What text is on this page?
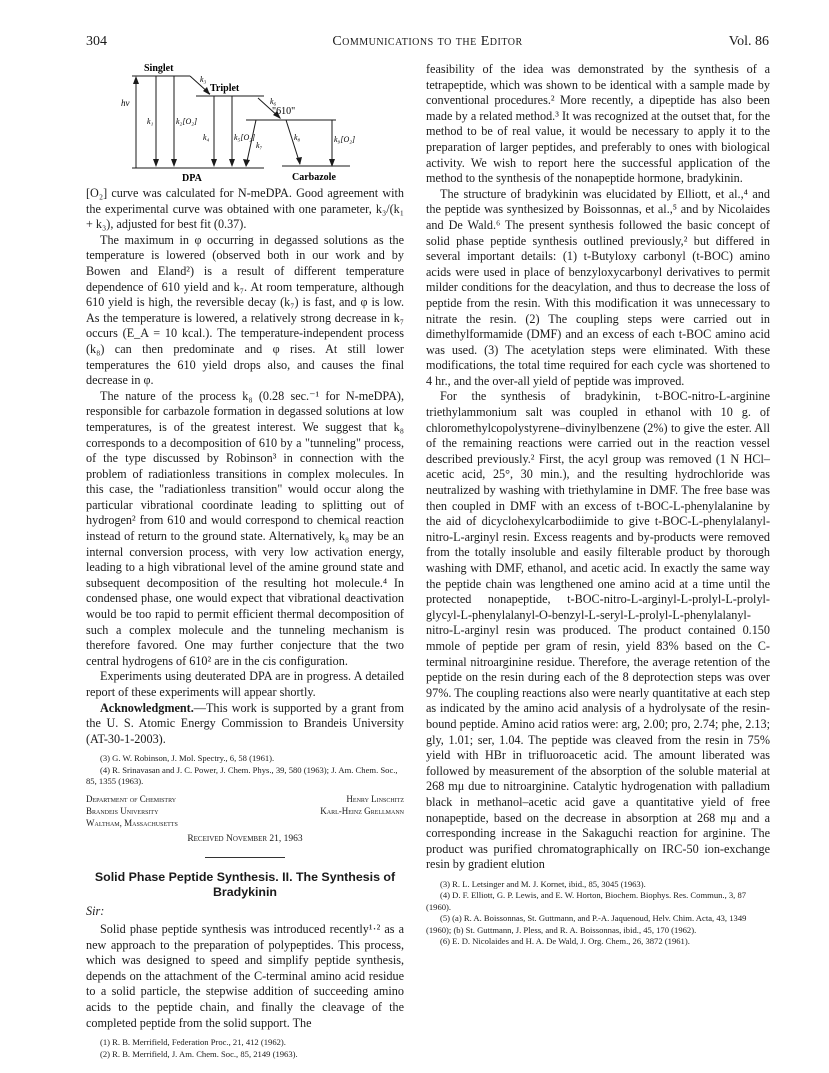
304	Communications to the Editor	Vol. 86
Singlet
Triplet
"610"
DPA	Carbazole
hν
k₁	k₂[O₂]
k₃
k₄	k₅[O₂]
k₆
k₇
k₈	k₉[O₂]

[O₂] curve was calculated for N-meDPA. Good agreement with the experimental curve was obtained with one parameter, k₃/(k₁ + k₃), adjusted for best fit (0.37).

The maximum in φ occurring in degassed solutions as the temperature is lowered (observed both in our work and by Bowen and Eland²) is a result of different temperature dependence of 610 yield and k₇. At room temperature, although 610 yield is high, the reversible decay (k₇) is fast, and φ is low. As the temperature is lowered, a relatively strong decrease in k₇ occurs (E_A = 10 kcal.). The temperature-independent process (k₈) can then predominate and φ rises. At still lower temperatures the 610 yield drops also, and causes the final decrease in φ.

The nature of the process k₈ (0.28 sec.⁻¹ for N-meDPA), responsible for carbazole formation in degassed solutions at low temperatures, is of the greatest interest. We suggest that k₈ corresponds to a decomposition of 610 by a "tunneling" process, of the type discussed by Robinson³ in connection with the problem of radiationless transitions in complex molecules. In this case, the "radiationless transition" would occur along the particular vibrational coordinate leading to splitting out of hydrogen² from 610 and would correspond to chemical reaction instead of return to the ground state. Alternatively, k₈ may be an internal conversion process, with very low activation energy, leading to a high vibrational level of the amine ground state and subsequent decomposition of the resulting hot molecule.⁴ In condensed phase, one would expect that vibrational deactivation would be too rapid to permit efficient thermal decomposition of such a complex molecule and the tunneling mechanism is therefore favored. One may further conjecture that the two central hydrogens of 610² are in the cis configuration.

Experiments using deuterated DPA are in progress. A detailed report of these experiments will appear shortly.

Acknowledgment.—This work is supported by a grant from the U. S. Atomic Energy Commission to Brandeis University (AT-30-1-2003).

(3) G. W. Robinson, J. Mol. Spectry., 6, 58 (1961).

(4) R. Srinavasan and J. C. Power, J. Chem. Phys., 39, 580 (1963); J. Am. Chem. Soc., 85, 1355 (1963).

Department of Chemistry
Brandeis University
Waltham, Massachusetts
Henry Linschitz
Karl-Heinz Grellmann
Received November 21, 1963
Solid Phase Peptide Synthesis. II. The Synthesis of Bradykinin

Sir:

Solid phase peptide synthesis was introduced recently¹·² as a new approach to the preparation of polypeptides. This process, which was designed to speed and simplify peptide synthesis, depends on the attachment of the C-terminal amino acid residue to a solid particle, the stepwise addition of succeeding amino acids to the peptide chain, and finally the cleavage of the completed peptide from the solid support. The

(1) R. B. Merrifield, Federation Proc., 21, 412 (1962).

(2) R. B. Merrifield, J. Am. Chem. Soc., 85, 2149 (1963).

feasibility of the idea was demonstrated by the synthesis of a tetrapeptide, which was shown to be identical with a sample made by conventional procedures.² More recently, a dipeptide has also been made by a related method.³ It was recognized at the outset that, for the method to be of real value, it would be necessary to apply it to the preparation of larger peptides, and preferably to ones with biological activity. We wish to report here the successful application of the method to the synthesis of the nonapeptide hormone, bradykinin.

The structure of bradykinin was elucidated by Elliott, et al.,⁴ and the peptide was synthesized by Boissonnas, et al.,⁵ and by Nicolaides and De Wald.⁶ The present synthesis followed the basic concept of solid phase peptide synthesis outlined previously,² but differed in several important details: (1) t-Butyloxy carbonyl (t-BOC) amino acids were used in place of benzyloxycarbonyl derivatives to permit milder conditions for the deacylation, and thus to decrease the loss of peptide from the resin. With this modification it was unnecessary to nitrate the resin. (2) The coupling steps were carried out in dimethylformamide (DMF) and an excess of each t-BOC amino acid was used. (3) The acetylation steps were eliminated. With these modifications, the total time required for each cycle was shortened to 4 hr., and the over-all yield of peptide was improved.

For the synthesis of bradykinin, t-BOC-nitro-L-arginine triethylammonium salt was coupled in ethanol with 10 g. of chloromethylcopolystyrene–divinylbenzene (2%) to give the ester. All of the remaining reactions were carried out in the reaction vessel described previously.² First, the acyl group was removed (1 N HCl–acetic acid, 25°, 30 min.), and the resulting hydrochloride was neutralized by washing with triethylamine in DMF. The free base was then coupled in DMF with an excess of t-BOC-L-phenylalanine by the aid of dicyclohexylcarbodiimide to give t-BOC-L-phenylalanyl-nitro-L-arginyl resin. Excess reagents and by-products were removed from the totally insoluble and easily filterable product by thorough washing with DMF, ethanol, and acetic acid. In exactly the same way the peptide chain was lengthened one amino acid at a time until the protected nonapeptide, t-BOC-nitro-L-arginyl-L-prolyl-L-prolyl-glycyl-L-phenylalanyl-O-benzyl-L-seryl-L-prolyl-L-phenylalanyl-nitro-L-arginyl resin was produced. The product contained 0.150 mmole of peptide per gram of resin, yield 83% based on the C-terminal nitroarginine residue. Therefore, the average retention of the peptide on the resin during each of the 8 deprotection steps was over 97%. The coupling reactions also were nearly quantitative at each step as indicated by the amino acid analysis of a hydrolysate of the resin-bound peptide. Amino acid ratios were: arg, 2.00; pro, 2.74; phe, 2.13; gly, 1.01; ser, 1.04. The peptide was cleaved from the resin in 75% yield with HBr in trifluoroacetic acid. The amount liberated was followed by measurement of the absorption of the soluble material at 268 mμ due to nitroarginine. Catalytic hydrogenation with palladium black in methanol–acetic acid gave a quantitative yield of free nonapeptide, based on the decrease in absorption at 268 mμ and a corresponding increase in the Sakaguchi reaction for arginine. The product was purified chromatographically on IRC-50 ion-exchange resin by gradient elution

(3) R. L. Letsinger and M. J. Kornet, ibid., 85, 3045 (1963).

(4) D. F. Elliott, G. P. Lewis, and E. W. Horton, Biochem. Biophys. Res. Commun., 3, 87 (1960).

(5) (a) R. A. Boissonnas, St. Guttmann, and P.-A. Jaquenoud, Helv. Chim. Acta, 43, 1349 (1960); (b) St. Guttmann, J. Pless, and R. A. Boissonnas, ibid., 45, 170 (1962).

(6) E. D. Nicolaides and H. A. De Wald, J. Org. Chem., 26, 3872 (1961).
